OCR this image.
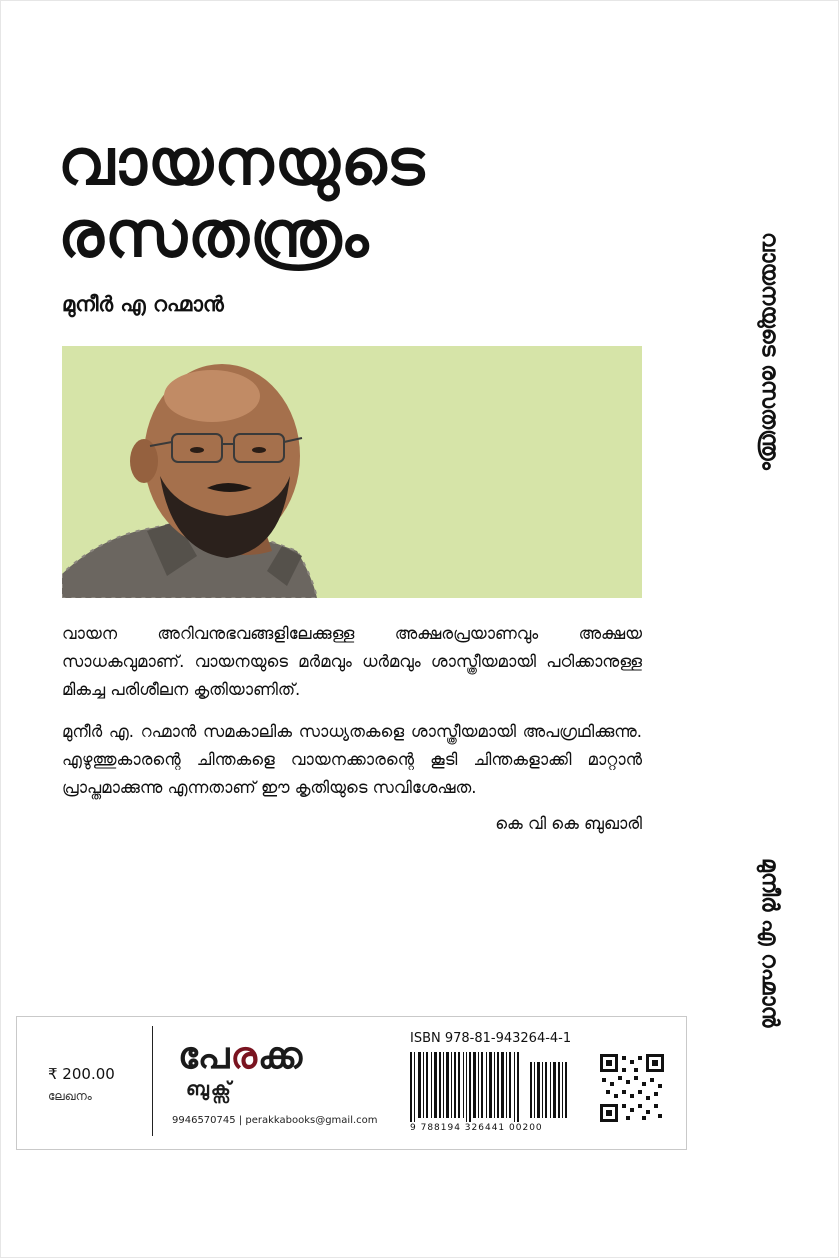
വായനയുടെ
രസതന്ത്രം
മുനീർ എ റഹ്മാൻ

വായന അറിവനുഭവങ്ങളിലേക്കുള്ള അക്ഷരപ്രയാണവും അക്ഷയ സാധകവുമാണ്. വായനയുടെ മർമവും ധർമവും ശാസ്ത്രീയമായി പഠിക്കാനുള്ള മികച്ച പരിശീലന കൃതിയാണിത്.

മുനീർ എ. റഹ്മാൻ സമകാലിക സാധ്യതകളെ ശാസ്ത്രീയമായി അപഗ്രഥിക്കുന്നു. എഴുത്തുകാരന്റെ ചിന്തകളെ വായനക്കാരന്റെ കൂടി ചിന്തകളാക്കി മാറ്റാൻ പ്രാപ്തമാക്കുന്നു എന്നതാണ് ഈ കൃതിയുടെ സവിശേഷത.

കെ വി കെ ബുഖാരി
വായനയുടെ രസതന്ത്രം
മുനീർ എ റഹ്മാൻ
₹ 200.00
ലേഖനം
പേരക്ക
ബുക്സ്
9946570745 | perakkabooks@gmail.com
ISBN 978-81-943264-4-1
9 788194 326441 00200
